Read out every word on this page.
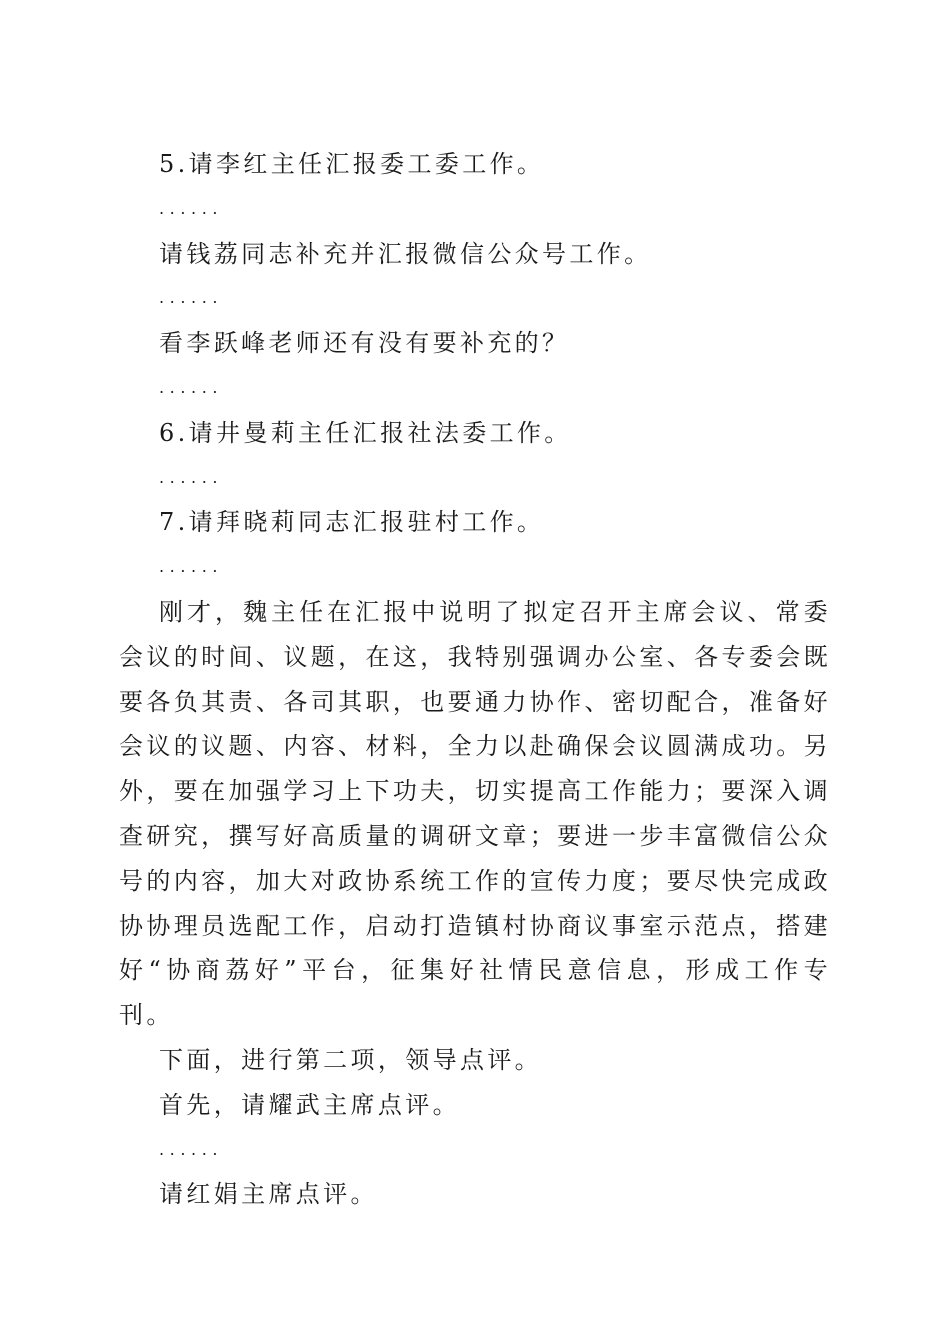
5.请李红主任汇报委工委工作。

......

请钱荔同志补充并汇报微信公众号工作。

......

看李跃峰老师还有没有要补充的？

......

6.请井曼莉主任汇报社法委工作。

......

7.请拜晓莉同志汇报驻村工作。

......

刚才，魏主任在汇报中说明了拟定召开主席会议、常委会议的时间、议题，在这，我特别强调办公室、各专委会既要各负其责、各司其职，也要通力协作、密切配合，准备好会议的议题、内容、材料，全力以赴确保会议圆满成功。另外，要在加强学习上下功夫，切实提高工作能力；要深入调查研究，撰写好高质量的调研文章；要进一步丰富微信公众号的内容，加大对政协系统工作的宣传力度；要尽快完成政协协理员选配工作，启动打造镇村协商议事室示范点，搭建好“协商荔好”平台，征集好社情民意信息，形成工作专刊。

下面，进行第二项，领导点评。

首先，请耀武主席点评。

......

请红娟主席点评。
